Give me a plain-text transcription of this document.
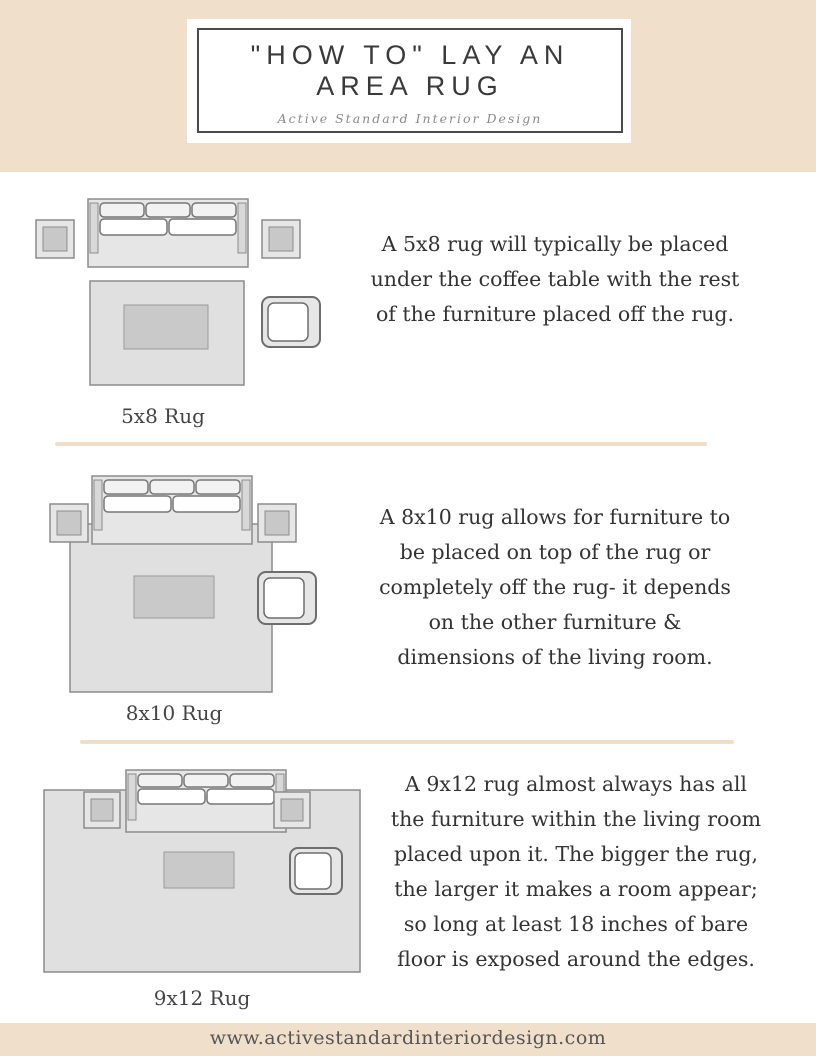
"HOW TO" LAY AN
AREA RUG
Active Standard Interior Design
5x8 Rug
A 5x8 rug will typically be placed under the coffee table with the rest of the furniture placed off the rug.
8x10 Rug
A 8x10 rug allows for furniture to be placed on top of the rug or completely off the rug- it depends on the other furniture & dimensions of the living room.
9x12 Rug
A 9x12 rug almost always has all the furniture within the living room placed upon it. The bigger the rug, the larger it makes a room appear; so long at least 18 inches of bare floor is exposed around the edges.
www.activestandardinteriordesign.com
